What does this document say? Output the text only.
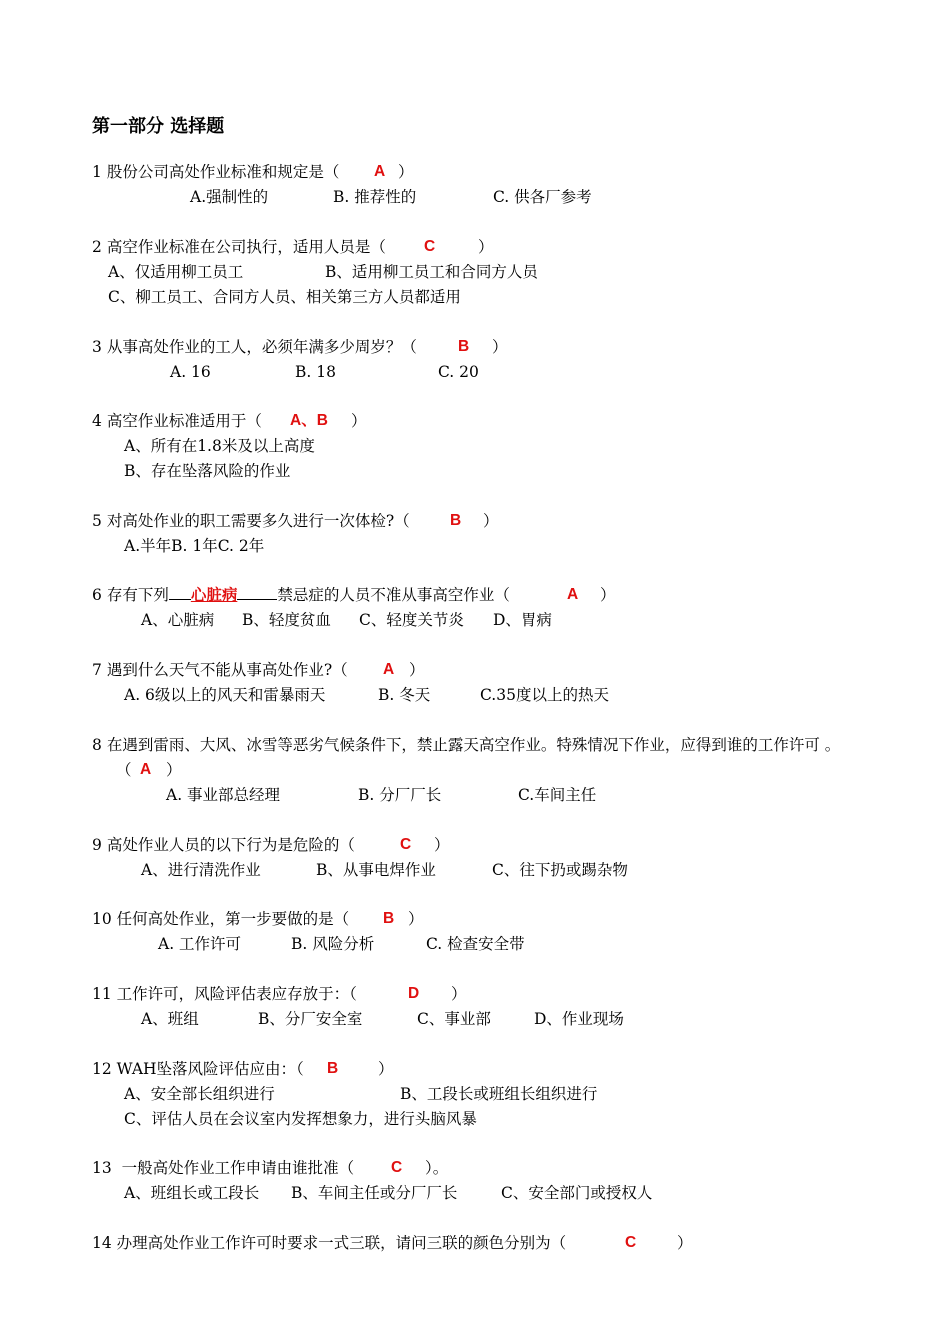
第一部分 选择题
1 股份公司高处作业标准和规定是（ A ）
A.强制性的	B. 推荐性的	C. 供各厂参考
2 高空作业标准在公司执行，适用人员是（ C	）
A、仅适用柳工员工	B、适用柳工员工和合同方人员
C、柳工员工、合同方人员、相关第三方人员都适用
3 从事高处作业的工人，必须年满多少周岁？（	B ）
A. 16	B. 18	C. 20
4 高空作业标准适用于（ A、B ）
A、所有在1.8米及以上高度
B、存在坠落风险的作业
5 对高处作业的职工需要多久进行一次体检?（	B ）
A.半年B. 1年C. 2年
6 存有下列 心脏病	禁忌症的人员不准从事高空作业（	A ）
A、心脏病 B、轻度贫血 C、轻度关节炎 D、胃病
7 遇到什么天气不能从事高处作业?（ A ）
A. 6级以上的风天和雷暴雨天	B. 冬天	C.35度以上的热天
8 在遇到雷雨、大风、冰雪等恶劣气候条件下，禁止露天高空作业。特殊情况下作业，应得到谁的工作许可 。
（ A ）
A. 事业部总经理	B. 分厂厂长	C.车间主任
9 高处作业人员的以下行为是危险的（	C ）
A、进行清洗作业	B、从事电焊作业	C、往下扔或踢杂物
10 任何高处作业，第一步要做的是（ B ）
A. 工作许可	B. 风险分析	C. 检查安全带
11 工作许可，风险评估表应存放于：（	D ）
A、班组	B、分厂安全室	C、事业部	D、作业现场
12 WAH坠落风险评估应由：（ B	）
A、安全部长组织进行	B、工段长或班组长组织进行
C、评估人员在会议室内发挥想象力，进行头脑风暴
13 一般高处作业工作申请由谁批准（ C ）。
A、班组长或工段长 B、车间主任或分厂厂长	C、安全部门或授权人
14 办理高处作业工作许可时要求一式三联，请问三联的颜色分别为（	C	）
